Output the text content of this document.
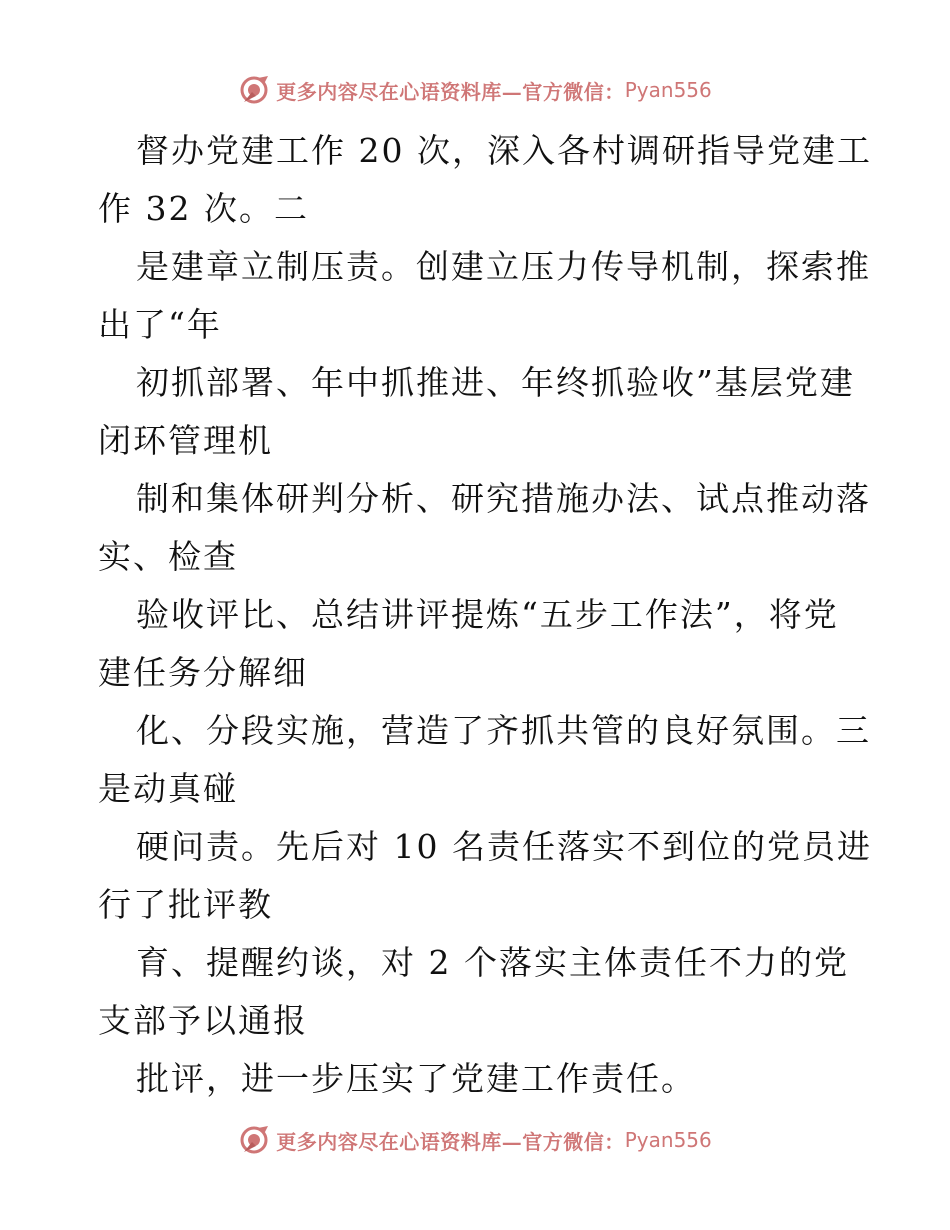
更多内容尽在心语资料库—官方微信： Pyan556

督办党建工作 20 次，深入各村调研指导党建工

作 32 次。二

是建章立制压责。创建立压力传导机制，探索推

出了“年

初抓部署、年中抓推进、年终抓验收”基层党建

闭环管理机

制和集体研判分析、研究措施办法、试点推动落

实、检查

验收评比、总结讲评提炼“五步工作法”，将党

建任务分解细

化、分段实施，营造了齐抓共管的良好氛围。三

是动真碰

硬问责。先后对 10 名责任落实不到位的党员进

行了批评教

育、提醒约谈，对 2 个落实主体责任不力的党

支部予以通报

批评，进一步压实了党建工作责任。

更多内容尽在心语资料库—官方微信： Pyan556
